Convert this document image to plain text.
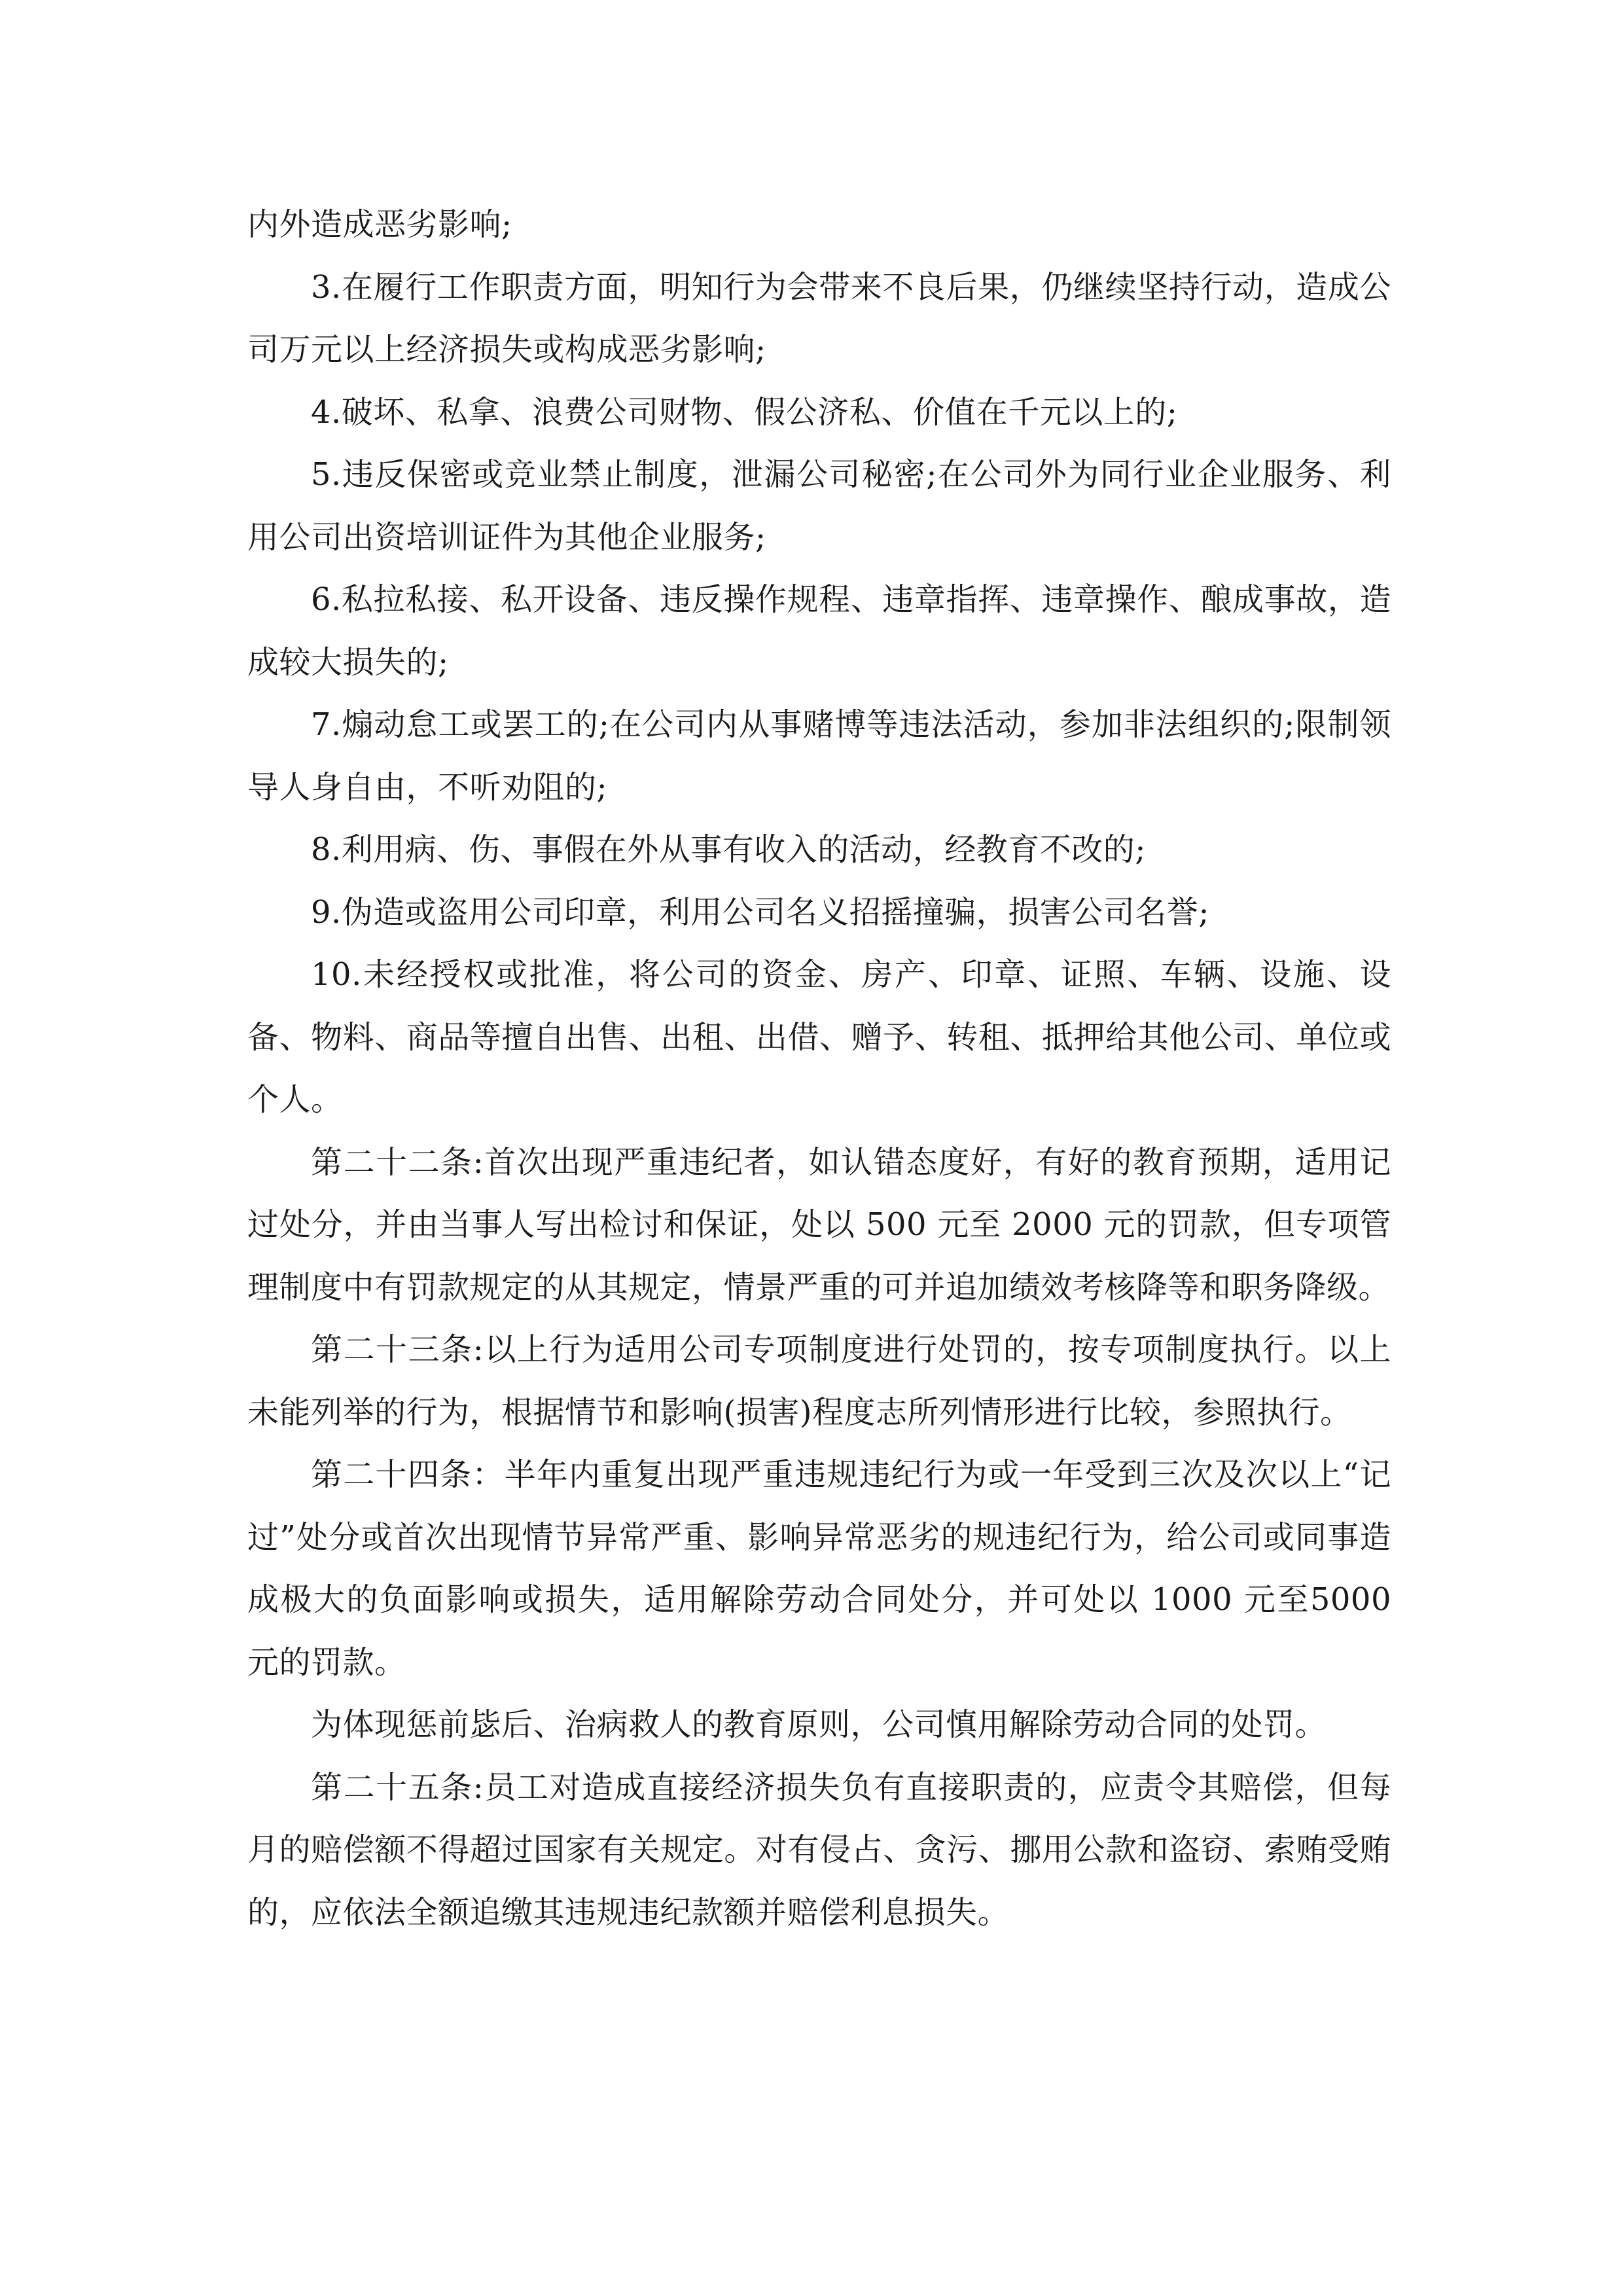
内外造成恶劣影响;

3.在履行工作职责方面，明知行为会带来不良后果，仍继续坚持行动，造成公司万元以上经济损失或构成恶劣影响;

4.破坏、私拿、浪费公司财物、假公济私、价值在千元以上的;

5.违反保密或竞业禁止制度，泄漏公司秘密;在公司外为同行业企业服务、利用公司出资培训证件为其他企业服务;

6.私拉私接、私开设备、违反操作规程、违章指挥、违章操作、酿成事故，造成较大损失的;

7.煽动怠工或罢工的;在公司内从事赌博等违法活动，参加非法组织的;限制领导人身自由，不听劝阻的;

8.利用病、伤、事假在外从事有收入的活动，经教育不改的;

9.伪造或盗用公司印章，利用公司名义招摇撞骗，损害公司名誉;

10.未经授权或批准，将公司的资金、房产、印章、证照、车辆、设施、设备、物料、商品等擅自出售、出租、出借、赠予、转租、抵押给其他公司、单位或个人。

第二十二条:首次出现严重违纪者，如认错态度好，有好的教育预期，适用记过处分，并由当事人写出检讨和保证，处以 500 元至 2000 元的罚款，但专项管理制度中有罚款规定的从其规定，情景严重的可并追加绩效考核降等和职务降级。

第二十三条:以上行为适用公司专项制度进行处罚的，按专项制度执行。以上未能列举的行为，根据情节和影响(损害)程度志所列情形进行比较，参照执行。

第二十四条：半年内重复出现严重违规违纪行为或一年受到三次及次以上“记过”处分或首次出现情节异常严重、影响异常恶劣的规违纪行为，给公司或同事造成极大的负面影响或损失，适用解除劳动合同处分，并可处以 1000 元至5000 元的罚款。

为体现惩前毖后、治病救人的教育原则，公司慎用解除劳动合同的处罚。

第二十五条:员工对造成直接经济损失负有直接职责的，应责令其赔偿，但每月的赔偿额不得超过国家有关规定。对有侵占、贪污、挪用公款和盗窃、索贿受贿的，应依法全额追缴其违规违纪款额并赔偿利息损失。
